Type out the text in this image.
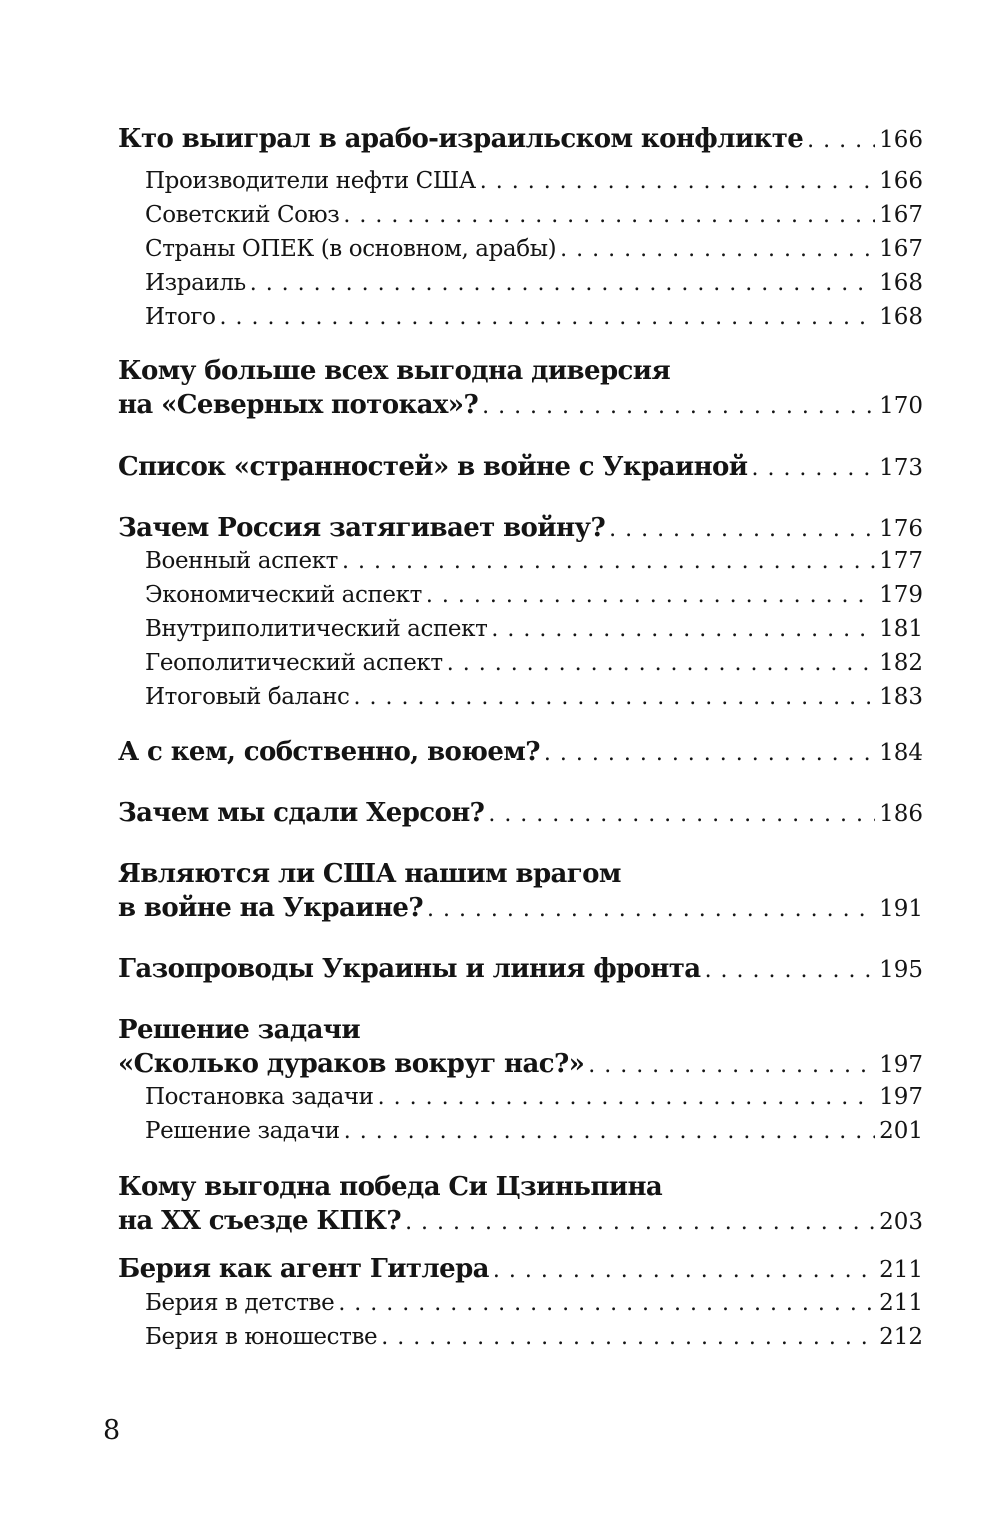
Кто выиграл в арабо-израильском конфликте . . .	166
Производители нефти США . . .	166
Советский Союз . . .	167
Страны ОПЕК (в основном, арабы) . . .	167
Израиль . . .	168
Итого . . .	168
Кому больше всех выгодна диверсия
на «Северных потоках»? . . .	170
Список «странностей» в войне с Украиной . . .	173
Зачем Россия затягивает войну? . . .	176
Военный аспект . . .	177
Экономический аспект . . .	179
Внутриполитический аспект . . .	181
Геополитический аспект . . .	182
Итоговый баланс . . .	183
А с кем, собственно, воюем? . . .	184
Зачем мы сдали Херсон? . . .	186
Являются ли США нашим врагом
в войне на Украине? . . .	191
Газопроводы Украины и линия фронта . . .	195
Решение задачи
«Сколько дураков вокруг нас?» . . .	197
Постановка задачи . . .	197
Решение задачи . . .	201
Кому выгодна победа Си Цзиньпина
на XX съезде КПК? . . .	203
Берия как агент Гитлера . . .	211
Берия в детстве . . .	211
Берия в юношестве . . .	212
8
